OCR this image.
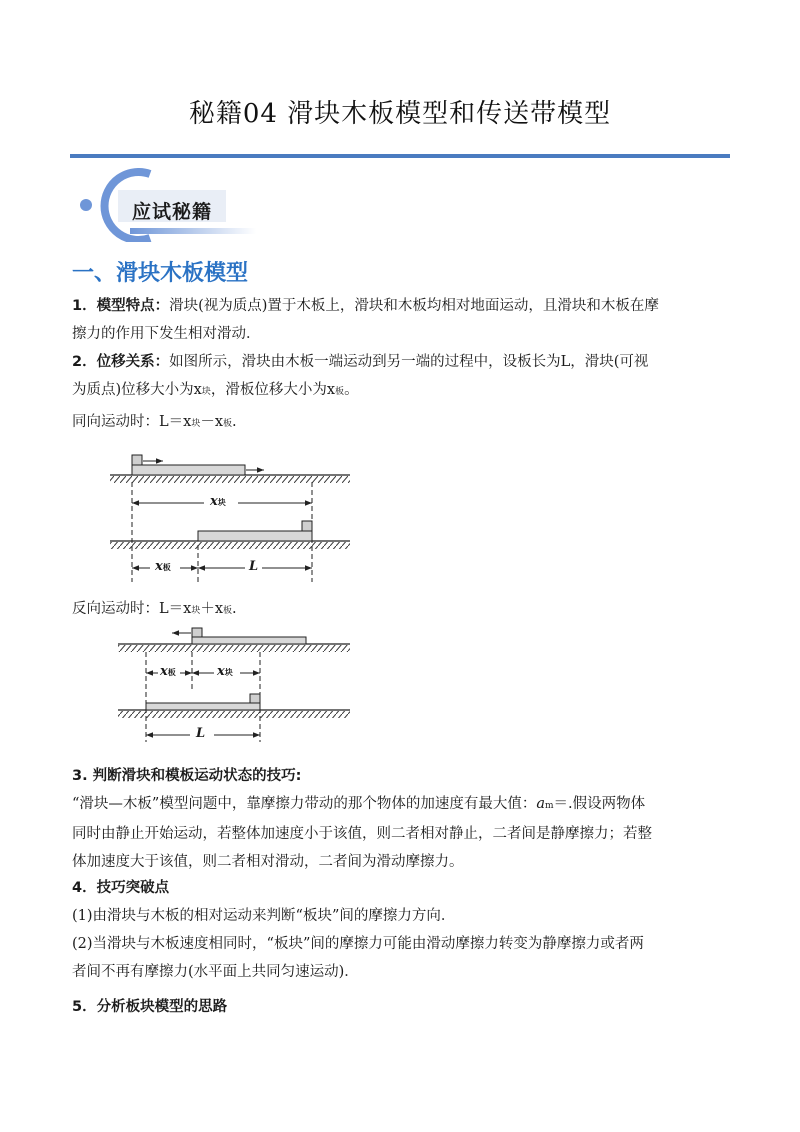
秘籍04 滑块木板模型和传送带模型
应试秘籍
一、滑块木板模型
1．模型特点：滑块(视为质点)置于木板上，滑块和木板均相对地面运动，且滑块和木板在摩
擦力的作用下发生相对滑动．
2．位移关系：如图所示，滑块由木板一端运动到另一端的过程中，设板长为L，滑块(可视
为质点)位移大小为x块，滑板位移大小为x板。
同向运动时：L＝x块－x板.
x块
x板	L
反向运动时：L＝x块＋x板.
x板	x块
L
3. 判断滑块和模板运动状态的技巧:
“滑块—木板”模型问题中，靠摩擦力带动的那个物体的加速度有最大值：am＝.假设两物体
同时由静止开始运动，若整体加速度小于该值，则二者相对静止，二者间是静摩擦力；若整
体加速度大于该值，则二者相对滑动，二者间为滑动摩擦力。
4．技巧突破点
(1)由滑块与木板的相对运动来判断“板块”间的摩擦力方向．
(2)当滑块与木板速度相同时，“板块”间的摩擦力可能由滑动摩擦力转变为静摩擦力或者两
者间不再有摩擦力(水平面上共同匀速运动)．
5．分析板块模型的思路
